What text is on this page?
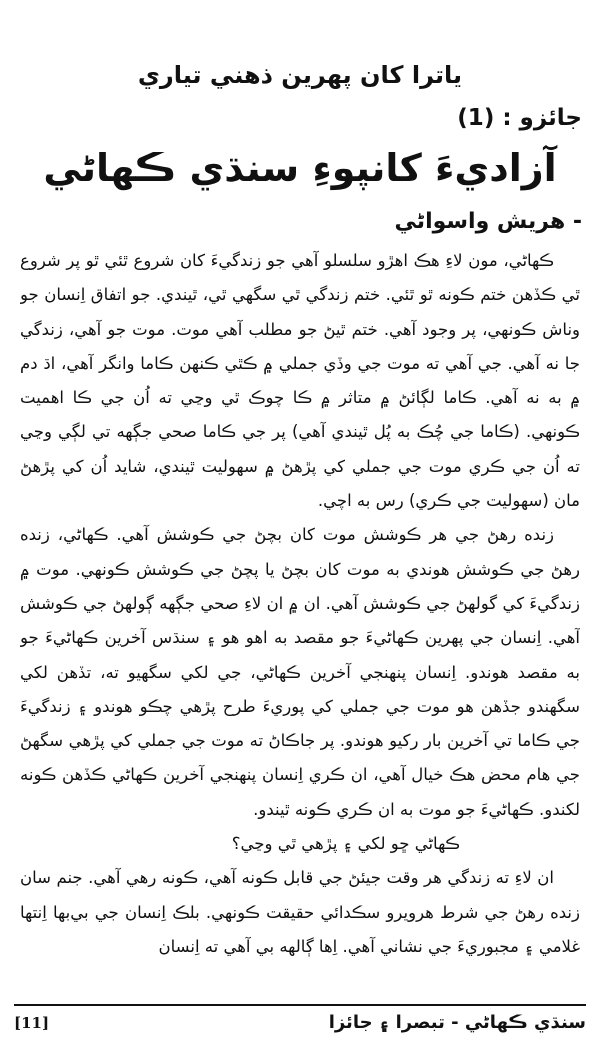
ياترا کان پهرين ذهني تياري
جائزو : (1)
آزاديءَ کانپوءِ سنڌي ڪهاڻي
- هريش واسواڻي

ڪهاڻي، مون لاءِ هڪ اهڙو سلسلو آهي جو زندگيءَ کان شروع ٿئي ٿو پر شروع ٿي ڪڏهن ختم ڪونه ٿو ٿئي. ختم زندگي ٿي سگهي ٿي، ٿيندي. جو اتفاق اِنسان جو وناش ڪونهي، پر وجود آهي. ختم ٿيڻ جو مطلب آهي موت. موت جو آهي، زندگي جا نه آهي. جي آهي ته موت جي وڏي جملي ۾ ڪٿي ڪنهن ڪاما وانگر آهي، اڌ دم ۾ به نه آهي. ڪاما لڳائڻ ۾ متاثر ۾ ڪا چوڪ ٿي وڃي ته اُن جي ڪا اهميت ڪونهي. (ڪاما جي چُڪ به پُل ٿيندي آهي) پر جي ڪاما صحي جڳهه تي لڳي وڃي ته اُن جي ڪري موت جي جملي کي پڙهڻ ۾ سهوليت ٿيندي، شايد اُن کي پڙهڻ مان (سهوليت جي ڪري) رس به اچي.

زنده رهڻ جي هر ڪوشش موت کان بچڻ جي ڪوشش آهي. ڪهاڻي، زنده رهڻ جي ڪوشش هوندي به موت کان بچڻ يا پچڻ جي ڪوشش ڪونهي. موت ۾ زندگيءَ کي گولهڻ جي ڪوشش آهي. ان ۾ ان لاءِ صحي جڳهه ڳولهڻ جي ڪوشش آهي. اِنسان جي پهرين ڪهاڻيءَ جو مقصد به اهو هو ۽ سنڌس آخرين ڪهاڻيءَ جو به مقصد هوندو. اِنسان پنهنجي آخرين ڪهاڻي، جي لکي سگهيو ته، تڏهن لکي سگهندو جڏهن هو موت جي جملي کي پوريءَ طرح پڙهي چڪو هوندو ۽ زندگيءَ جي ڪاما تي آخرين بار رکيو هوندو. پر جاڪاڻ ته موت جي جملي کي پڙهي سگهڻ جي هام محض هڪ خيال آهي، ان ڪري اِنسان پنهنجي آخرين ڪهاڻي ڪڏهن ڪونه لکندو. ڪهاڻيءَ جو موت به ان ڪري ڪونه ٿيندو.

ڪهاڻي ڇو لکي ۽ پڙهي ٿي وڃي؟

ان لاءِ ته زندگي هر وقت جيئڻ جي قابل ڪونه آهي، ڪونه رهي آهي. جنم سان زنده رهڻ جي شرط هرويرو سڪدائي حقيقت ڪونهي. بلڪ اِنسان جي بي‌بها اِنتها غلامي ۽ مجبوريءَ جي نشاني آهي. اِها ڳالهه بي آهي ته اِنسان

سنڌي ڪهاڻي - تبصرا ۽ جائزا
[11]
